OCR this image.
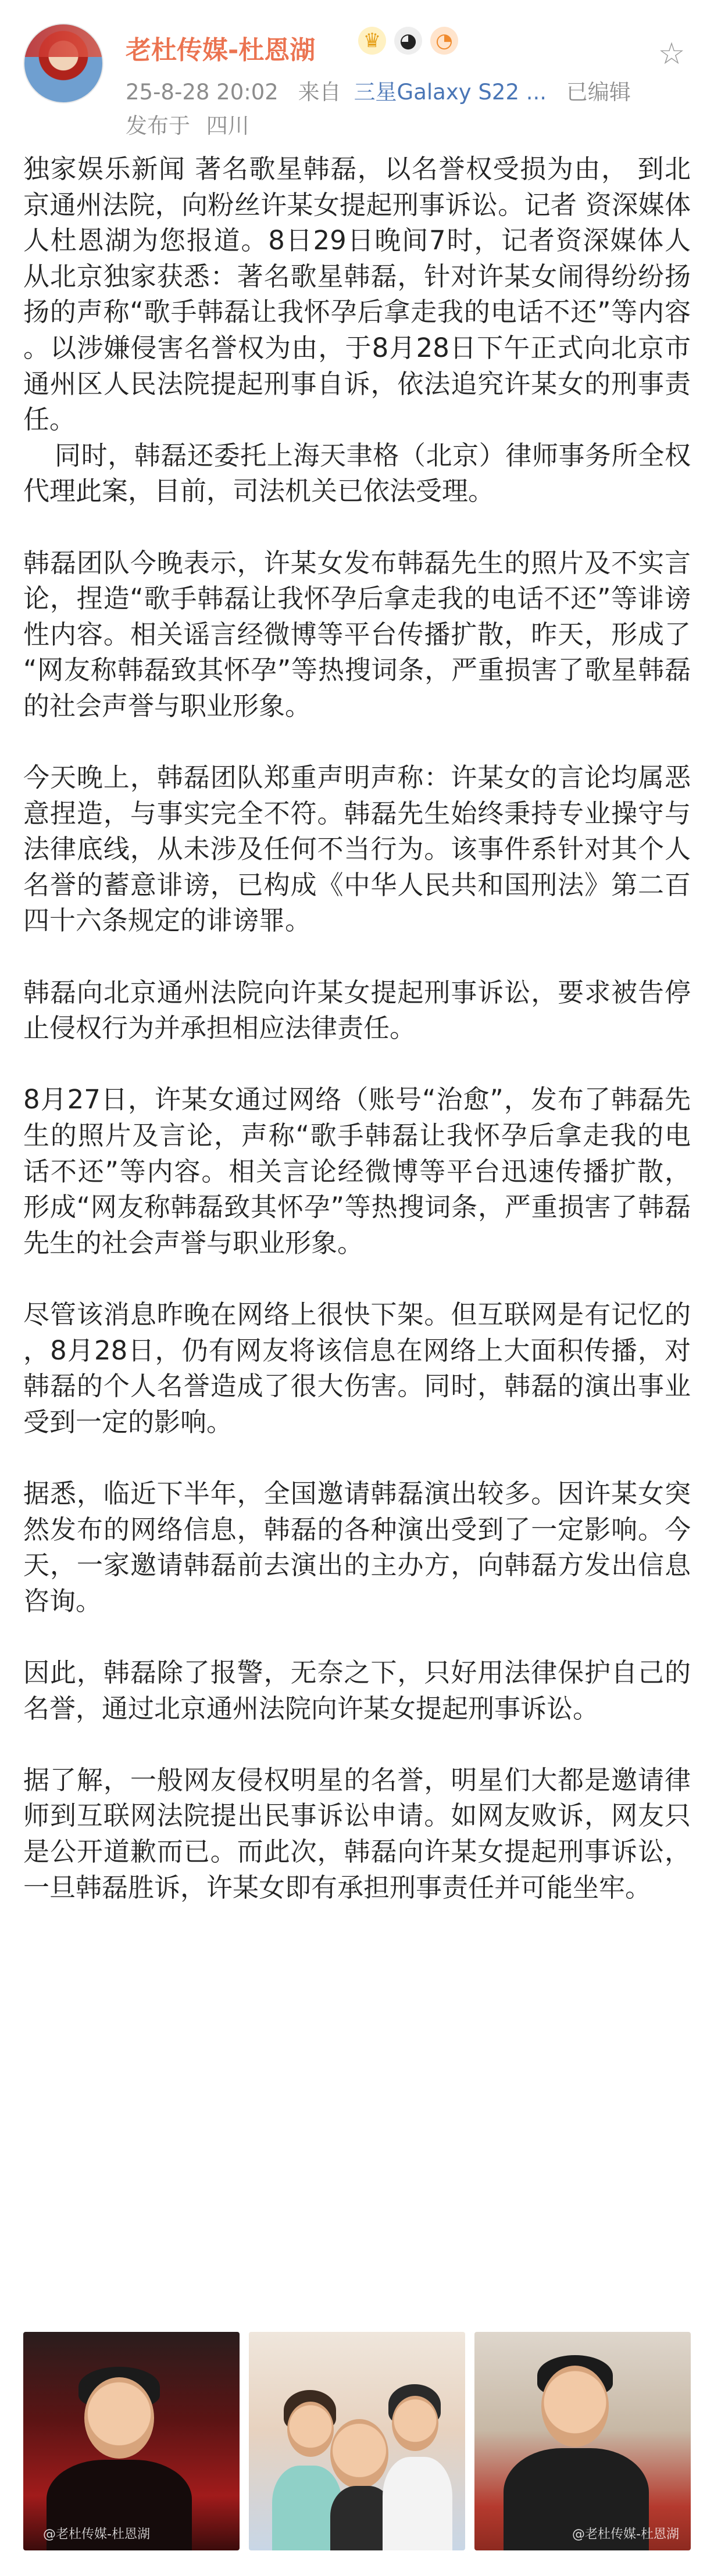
老杜传媒-杜恩湖 ♛ ◕ ◔	☆
25-8-28 20:02 来自 三星Galaxy S22 ... 已编辑
发布于 四川

独家娱乐新闻 著名歌星韩磊，以名誉权受损为由， 到北京通州法院，向粉丝许某女提起刑事诉讼。记者 资深媒体人杜恩湖为您报道。8日29日晚间7时，记者资深媒体人从北京独家获悉：著名歌星韩磊，针对许某女闹得纷纷扬扬的声称“歌手韩磊让我怀孕后拿走我的电话不还”等内容。以涉嫌侵害名誉权为由，于8月28日下午正式向北京市通州区人民法院提起刑事自诉，依法追究许某女的刑事责任。

同时，韩磊还委托上海天聿格（北京）律师事务所全权代理此案，目前，司法机关已依法受理。

韩磊团队今晚表示，许某女发布韩磊先生的照片及不实言论，捏造“歌手韩磊让我怀孕后拿走我的电话不还”等诽谤性内容。相关谣言经微博等平台传播扩散，昨天，形成了“网友称韩磊致其怀孕”等热搜词条，严重损害了歌星韩磊的社会声誉与职业形象。

今天晚上，韩磊团队郑重声明声称：许某女的言论均属恶意捏造，与事实完全不符。韩磊先生始终秉持专业操守与法律底线，从未涉及任何不当行为。该事件系针对其个人名誉的蓄意诽谤，已构成《中华人民共和国刑法》第二百四十六条规定的诽谤罪。

韩磊向北京通州法院向许某女提起刑事诉讼，要求被告停止侵权行为并承担相应法律责任。

8月27日，许某女通过网络（账号“治愈”，发布了韩磊先生的照片及言论，声称“歌手韩磊让我怀孕后拿走我的电话不还”等内容。相关言论经微博等平台迅速传播扩散，形成“网友称韩磊致其怀孕”等热搜词条，严重损害了韩磊先生的社会声誉与职业形象。

尽管该消息昨晚在网络上很快下架。但互联网是有记忆的，8月28日，仍有网友将该信息在网络上大面积传播，对韩磊的个人名誉造成了很大伤害。同时，韩磊的演出事业受到一定的影响。

据悉，临近下半年，全国邀请韩磊演出较多。因许某女突然发布的网络信息，韩磊的各种演出受到了一定影响。今天，一家邀请韩磊前去演出的主办方，向韩磊方发出信息咨询。

因此，韩磊除了报警，无奈之下，只好用法律保护自己的名誉，通过北京通州法院向许某女提起刑事诉讼。

据了解，一般网友侵权明星的名誉，明星们大都是邀请律师到互联网法院提出民事诉讼申请。如网友败诉，网友只是公开道歉而已。而此次，韩磊向许某女提起刑事诉讼，一旦韩磊胜诉，许某女即有承担刑事责任并可能坐牢。

@老杜传媒-杜恩湖	@老杜传媒-杜恩湖
